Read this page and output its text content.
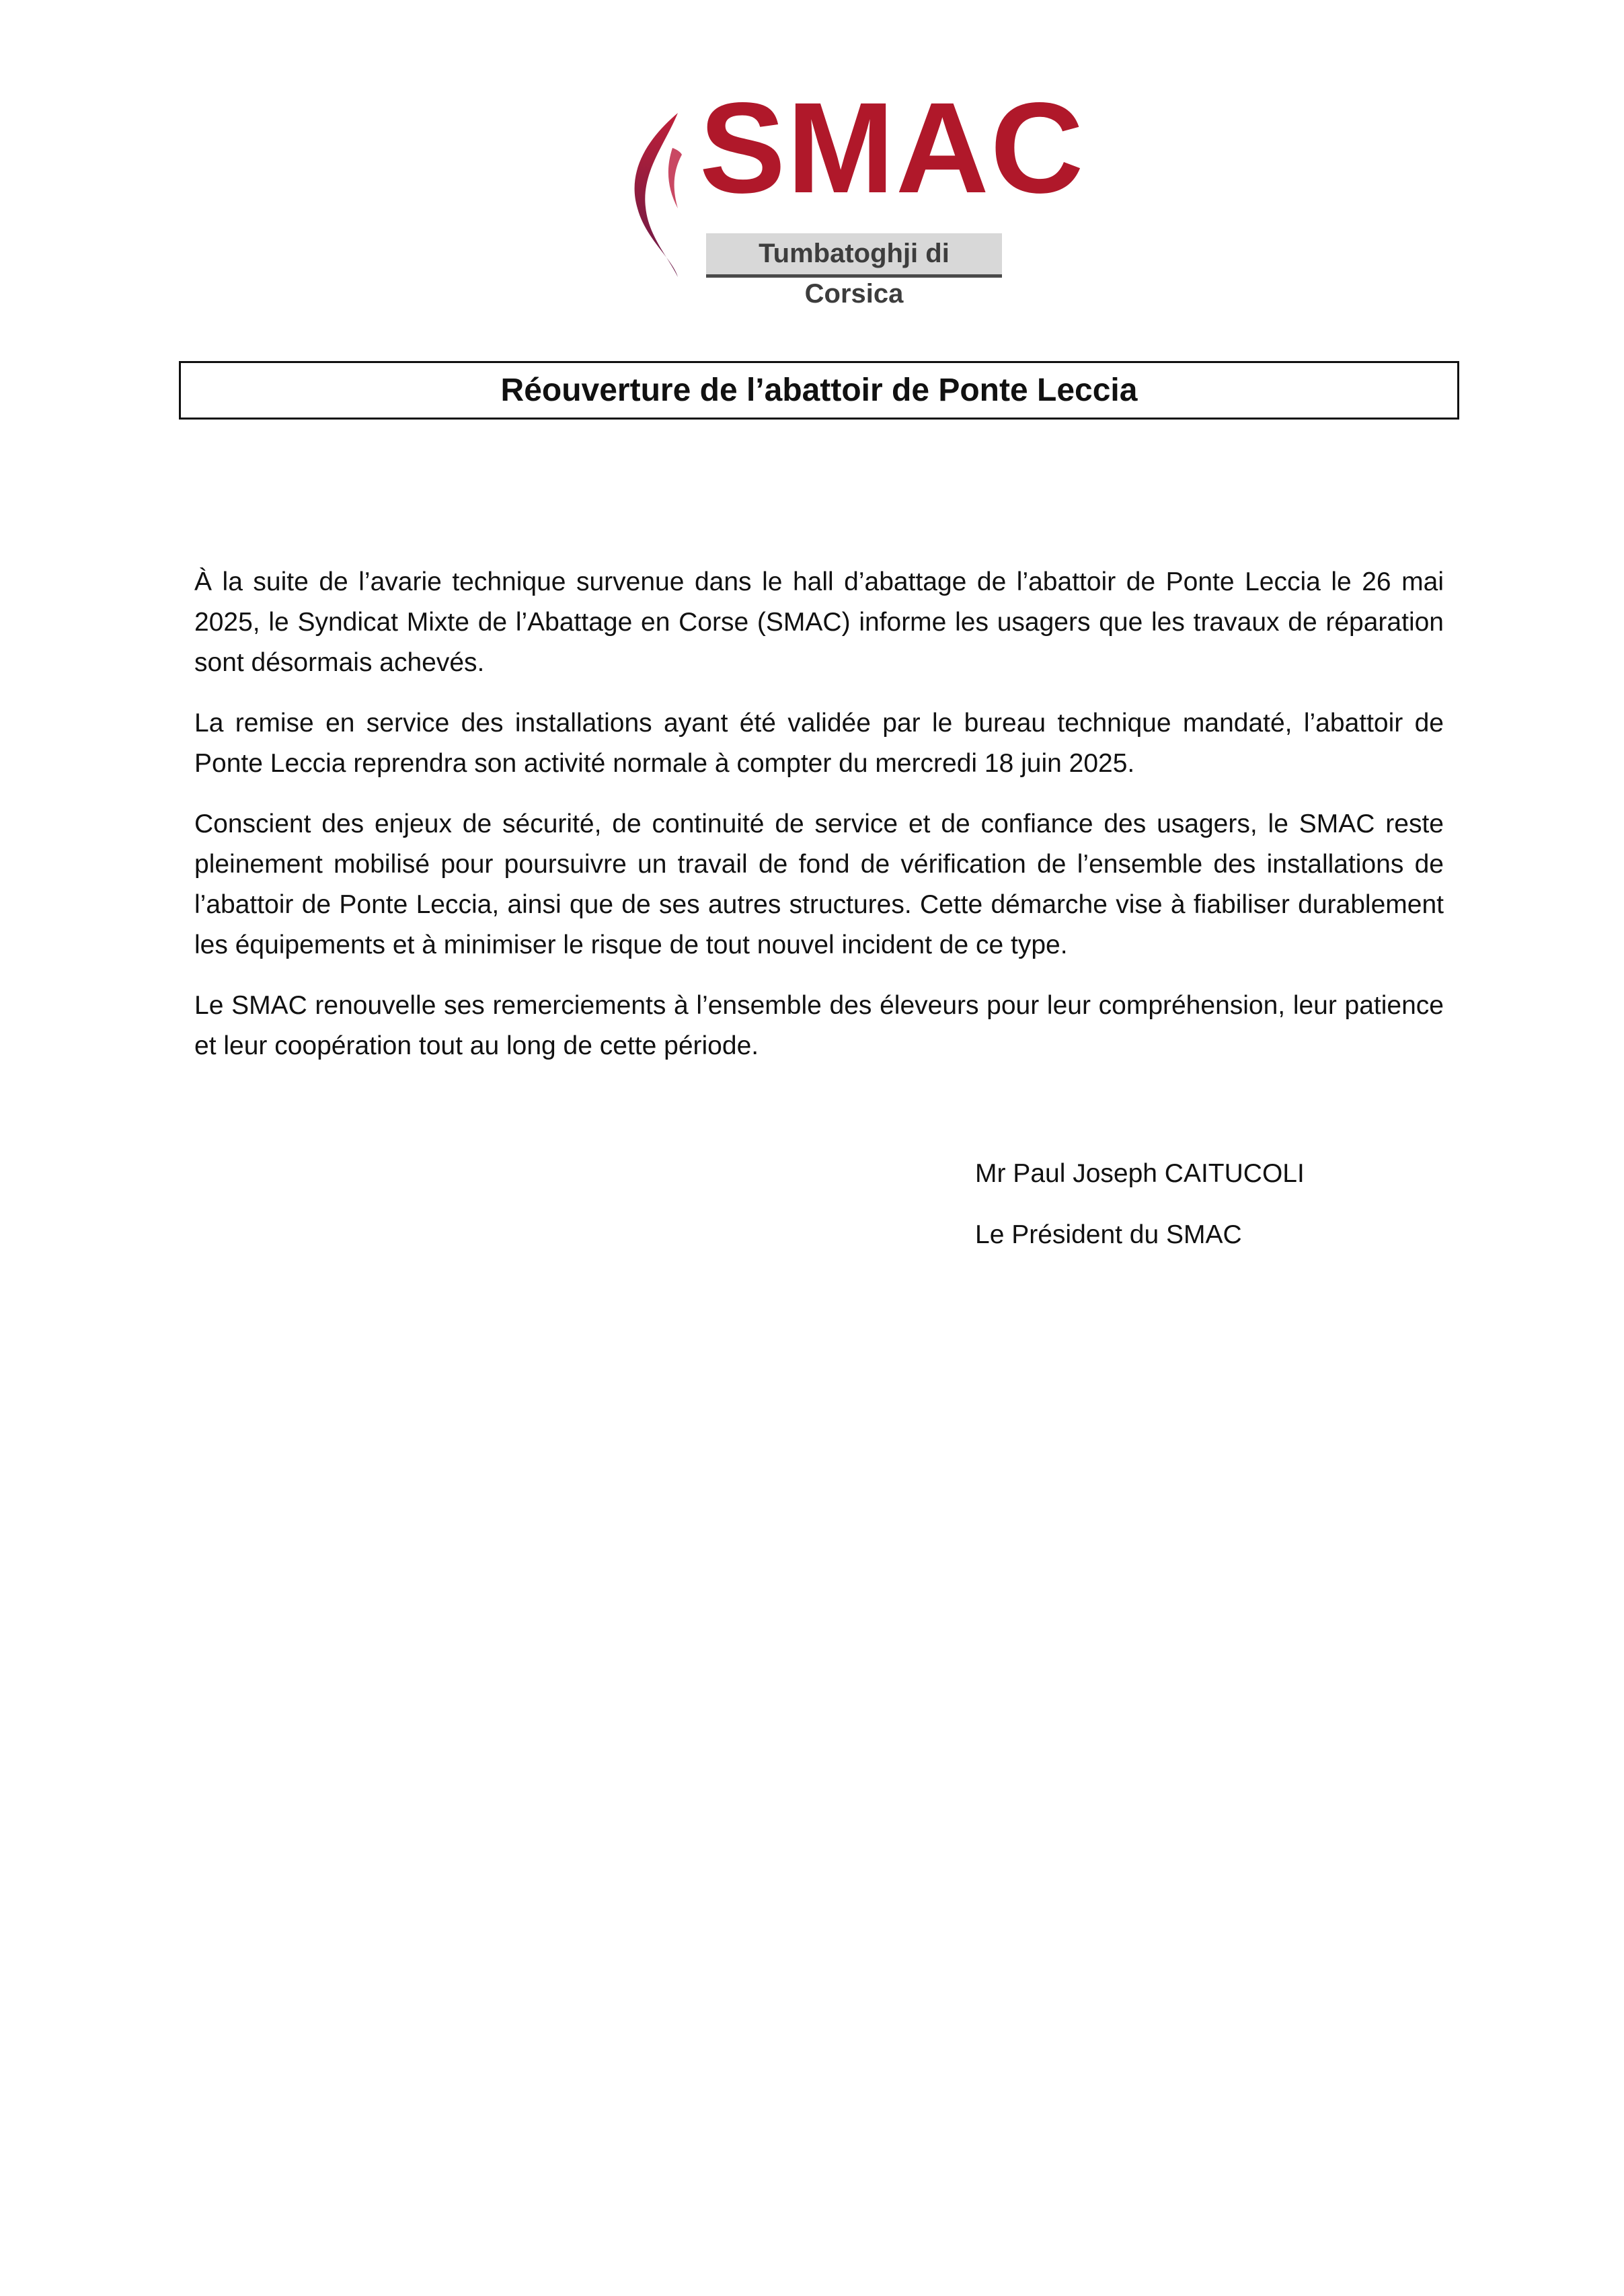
SMAC

Tumbatoghji di Corsica

Réouverture de l’abattoir de Ponte Leccia

À la suite de l’avarie technique survenue dans le hall d’abattage de l’abattoir de Ponte Leccia le 26 mai 2025, le Syndicat Mixte de l’Abattage en Corse (SMAC) informe les usagers que les travaux de réparation sont désormais achevés.

La remise en service des installations ayant été validée par le bureau technique mandaté, l’abattoir de Ponte Leccia reprendra son activité normale à compter du mercredi 18 juin 2025.

Conscient des enjeux de sécurité, de continuité de service et de confiance des usagers, le SMAC reste pleinement mobilisé pour poursuivre un travail de fond de vérification de l’ensemble des installations de l’abattoir de Ponte Leccia, ainsi que de ses autres structures. Cette démarche vise à fiabiliser durablement les équipements et à minimiser le risque de tout nouvel incident de ce type.

Le SMAC renouvelle ses remerciements à l’ensemble des éleveurs pour leur compréhension, leur patience et leur coopération tout au long de cette période.

Mr Paul Joseph CAITUCOLI

Le Président du SMAC
